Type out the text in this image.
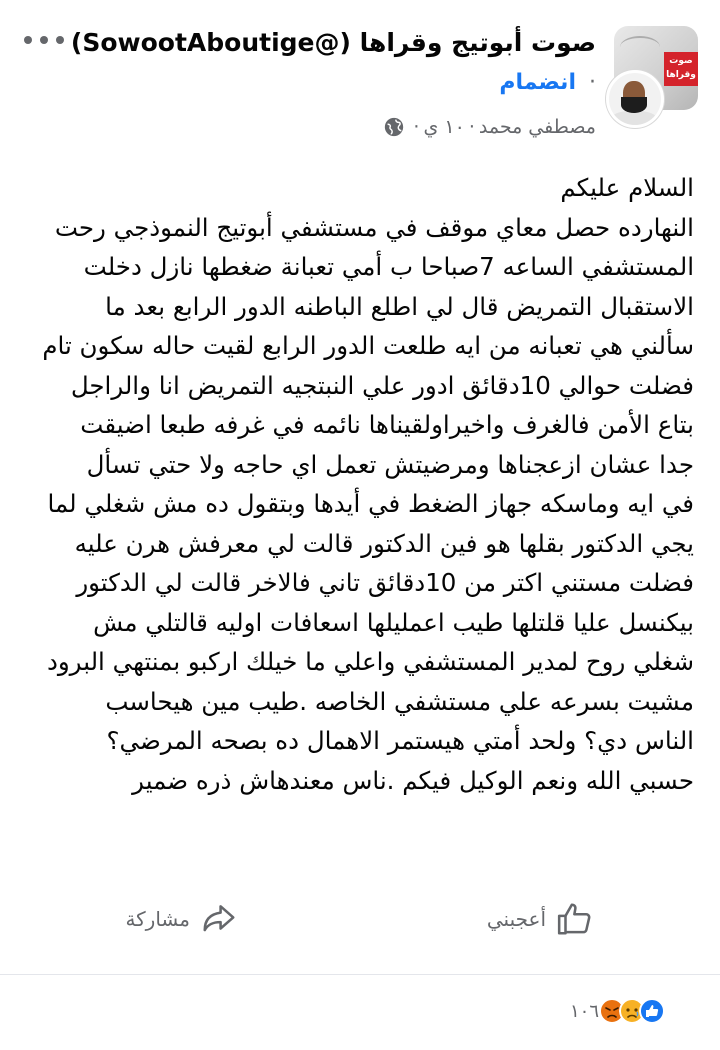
صوت وقراها
صوت أبوتيج وقراها (@SowootAboutige)
· انضمام
مصطفي محمد
·
١٠ ي
·
السلام عليكم
النهارده حصل معاي موقف في مستشفي أبوتيج النموذجي رحت
المستشفي الساعه 7صباحا ب أمي تعبانة ضغطها نازل دخلت
الاستقبال التمريض قال لي اطلع الباطنه الدور الرابع بعد ما
سألني هي تعبانه من ايه طلعت الدور الرابع لقيت حاله سكون تام
فضلت حوالي 10دقائق ادور علي النبتجيه التمريض انا والراجل
بتاع الأمن فالغرف واخيراولقيناها نائمه في غرفه طبعا اضيقت
جدا عشان ازعجناها ومرضيتش تعمل اي حاجه ولا حتي تسأل
في ايه وماسكه جهاز الضغط في أيدها وبتقول ده مش شغلي لما
يجي الدكتور بقلها هو فين الدكتور قالت لي معرفش هرن عليه
فضلت مستني اكتر من 10دقائق تاني فالاخر قالت لي الدكتور
بيكنسل عليا قلتلها طيب اعمليلها اسعافات اوليه قالتلي مش
شغلي روح لمدير المستشفي واعلي ما خيلك اركبو بمنتهي البرود
مشيت بسرعه علي مستشفي الخاصه .طيب مين هيحاسب
الناس دي؟ ولحد أمتي هيستمر الاهمال ده بصحه المرضي؟
حسبي الله ونعم الوكيل فيكم .ناس معندهاش ذره ضمير
أعجبني
مشاركة
١٠٦
